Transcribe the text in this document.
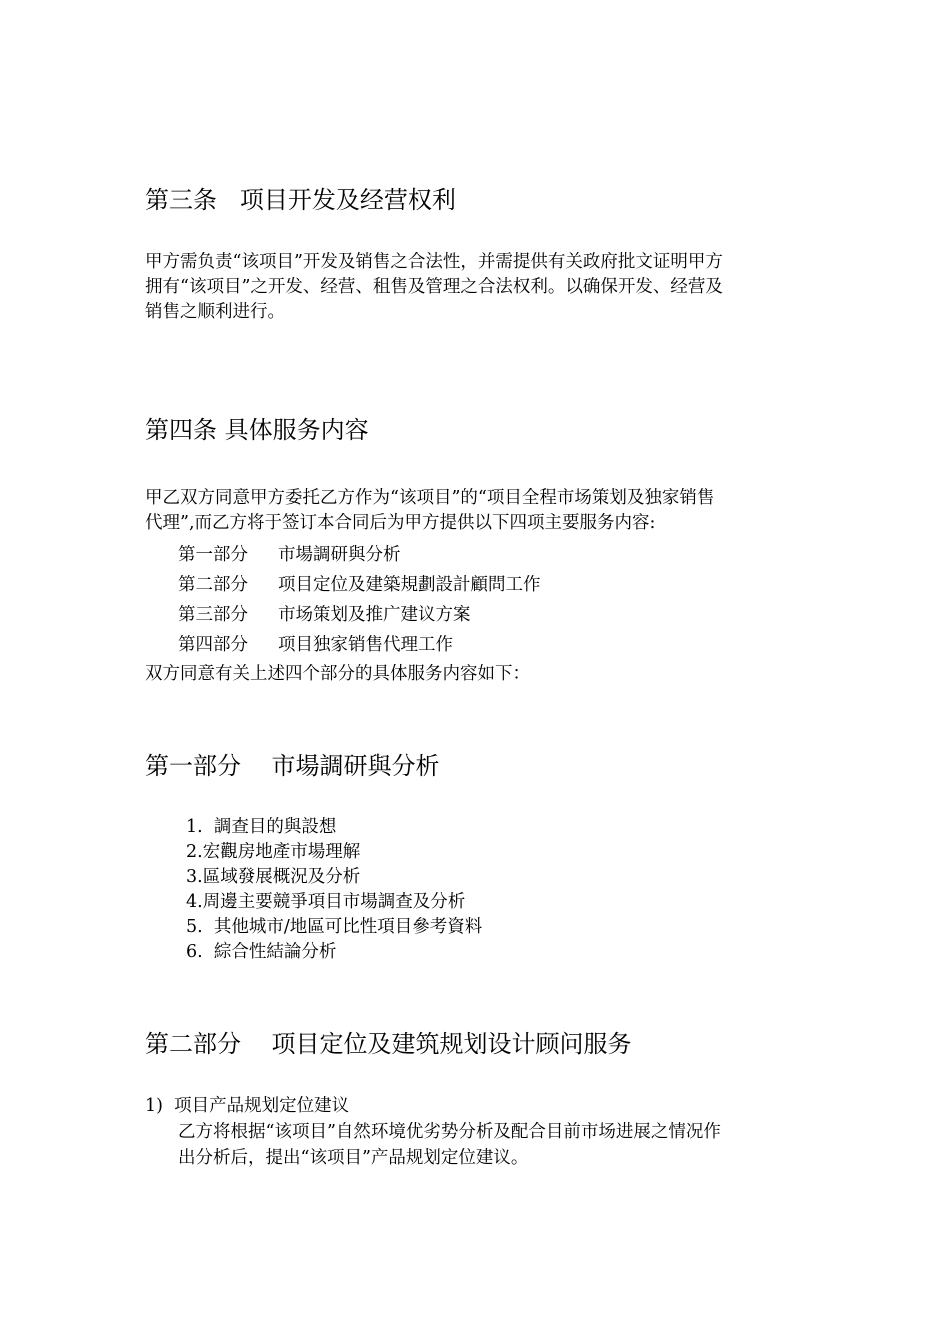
第三条   项目开发及经营权利
甲方需负责“该项目”开发及销售之合法性，并需提供有关政府批文证明甲方
拥有“该项目”之开发、经营、租售及管理之合法权利。以确保开发、经营及
销售之顺利进行。
第四条 具体服务内容
甲乙双方同意甲方委托乙方作为“该项目”的“项目全程市场策划及独家销售
代理”,而乙方将于签订本合同后为甲方提供以下四项主要服务内容:
第一部分	市場調研與分析
第二部分	项目定位及建築規劃設計顧問工作
第三部分	市场策划及推广建议方案
第四部分	项目独家销售代理工作
双方同意有关上述四个部分的具体服务内容如下：
第一部分    市場調研與分析
1.  調查目的與設想
2.宏觀房地產市場理解
3.區域發展概況及分析
4.周邊主要競爭項目市場調查及分析
5.  其他城市/地區可比性項目參考資料
6.  綜合性結論分析
第二部分    项目定位及建筑规划设计顾问服务
1)  项目产品规划定位建议
乙方将根据“该项目”自然环境优劣势分析及配合目前市场进展之情况作
出分析后，提出“该项目”产品规划定位建议。
